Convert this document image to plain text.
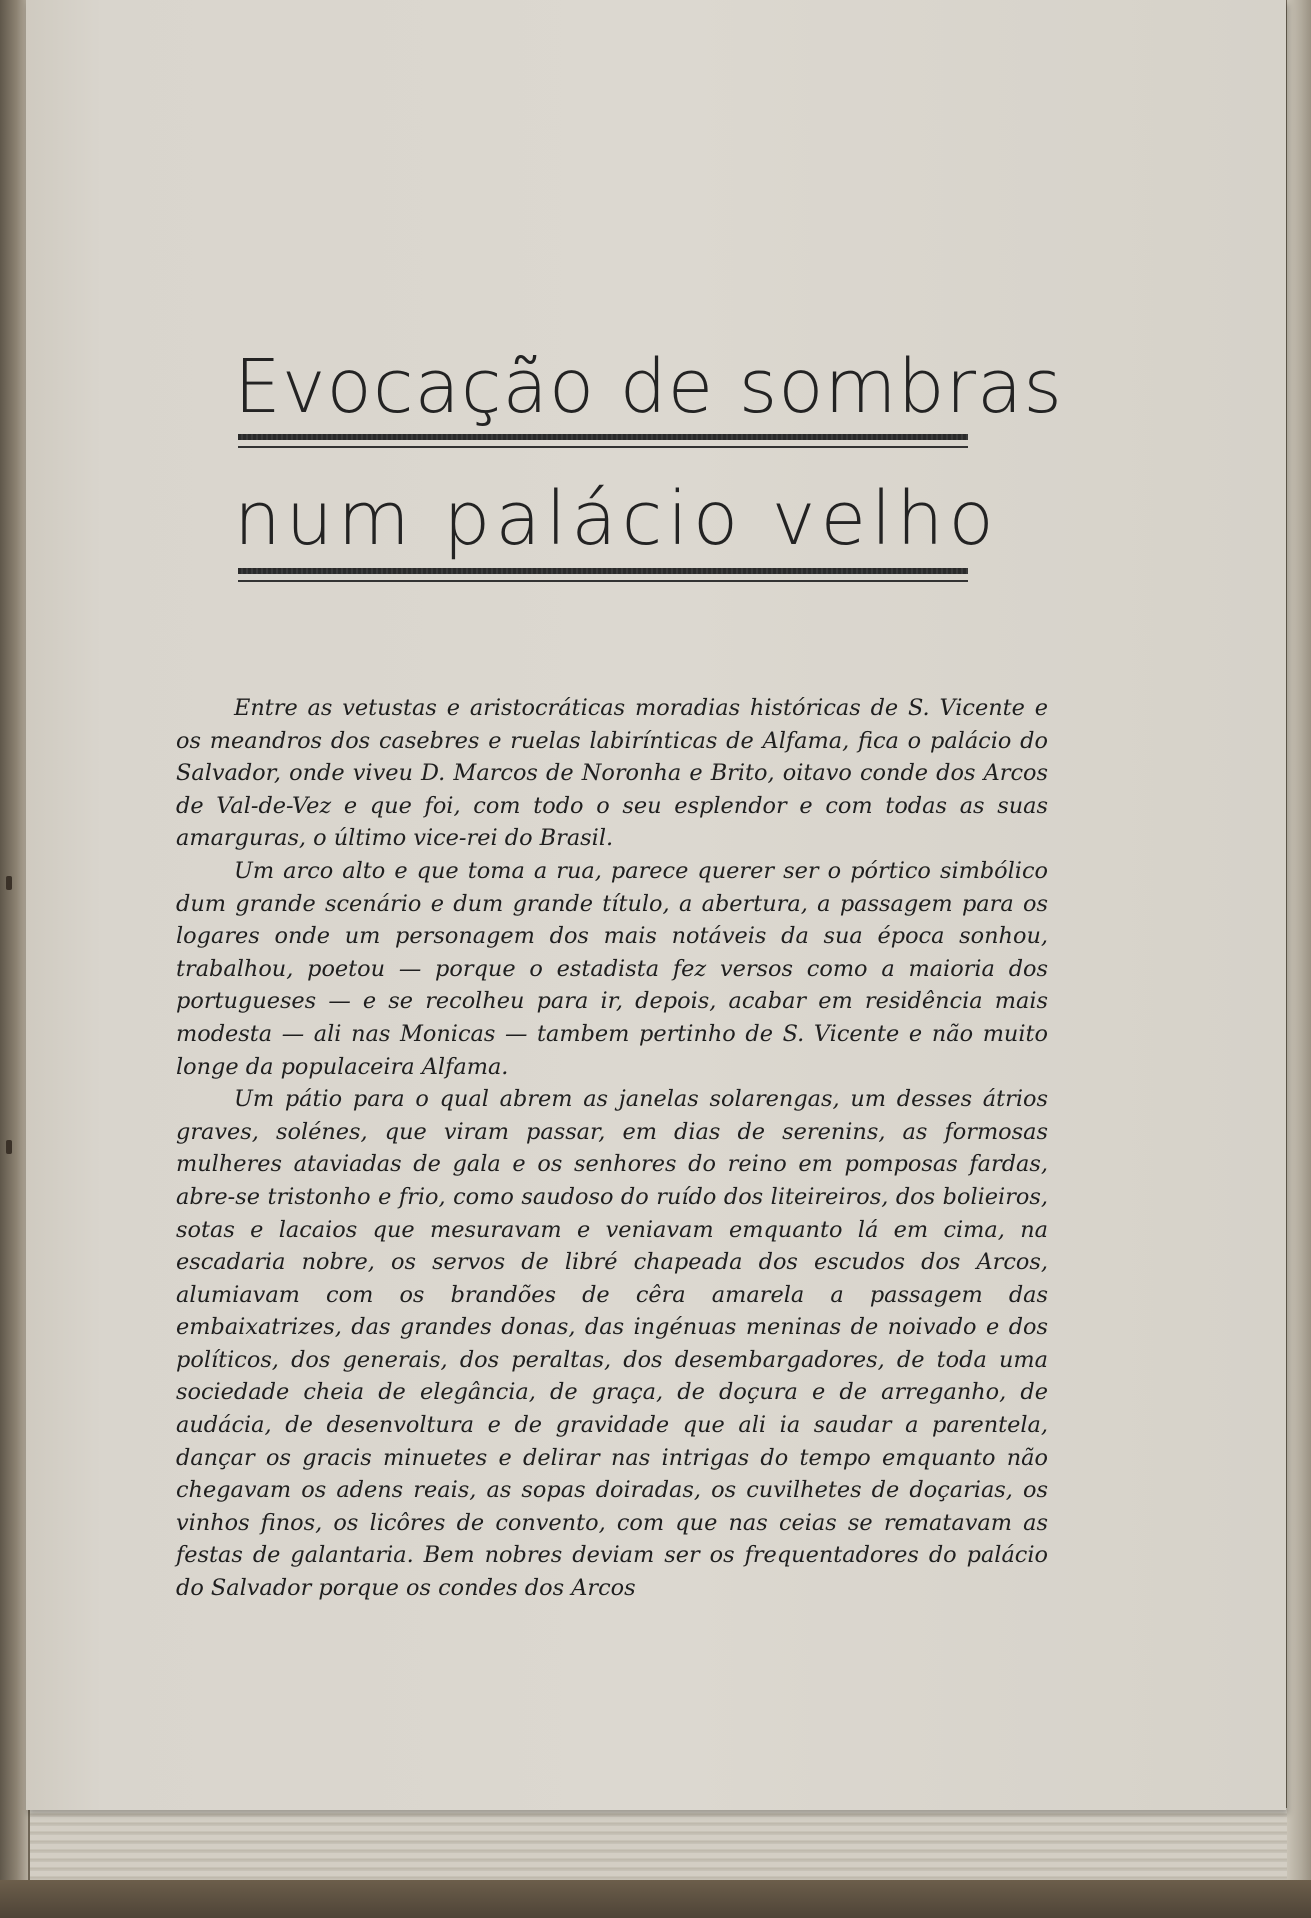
Evocação de sombras
num palácio velho

Entre as vetustas e aristocráticas moradias históricas de S. Vicente e os meandros dos casebres e ruelas labirínticas de Alfama, fica o palácio do Salvador, onde viveu D. Marcos de Noronha e Brito, oitavo conde dos Arcos de Val-de-Vez e que foi, com todo o seu esplendor e com todas as suas amarguras, o último vice-rei do Brasil.

Um arco alto e que toma a rua, parece querer ser o pórtico simbólico dum grande scenário e dum grande título, a abertura, a passagem para os logares onde um personagem dos mais notáveis da sua época sonhou, trabalhou, poetou — porque o estadista fez versos como a maioria dos portugueses — e se recolheu para ir, depois, acabar em residência mais modesta — ali nas Monicas — tambem pertinho de S. Vicente e não muito longe da populaceira Alfama.

Um pátio para o qual abrem as janelas solarengas, um desses átrios graves, solénes, que viram passar, em dias de serenins, as formosas mulheres ataviadas de gala e os senhores do reino em pomposas fardas, abre-se tristonho e frio, como saudoso do ruído dos liteireiros, dos bolieiros, sotas e lacaios que mesuravam e veniavam emquanto lá em cima, na escadaria nobre, os servos de libré chapeada dos escudos dos Arcos, alumiavam com os brandões de cêra amarela a passagem das embaixatrizes, das grandes donas, das ingénuas meninas de noivado e dos políticos, dos generais, dos peraltas, dos desembargadores, de toda uma sociedade cheia de elegância, de graça, de doçura e de arreganho, de audácia, de desenvoltura e de gravidade que ali ia saudar a parentela, dançar os gracis minuetes e delirar nas intrigas do tempo emquanto não chegavam os adens reais, as sopas doiradas, os cuvilhetes de doçarias, os vinhos finos, os licôres de convento, com que nas ceias se rematavam as festas de galantaria. Bem nobres deviam ser os frequentadores do palácio do Salvador porque os condes dos Arcos
